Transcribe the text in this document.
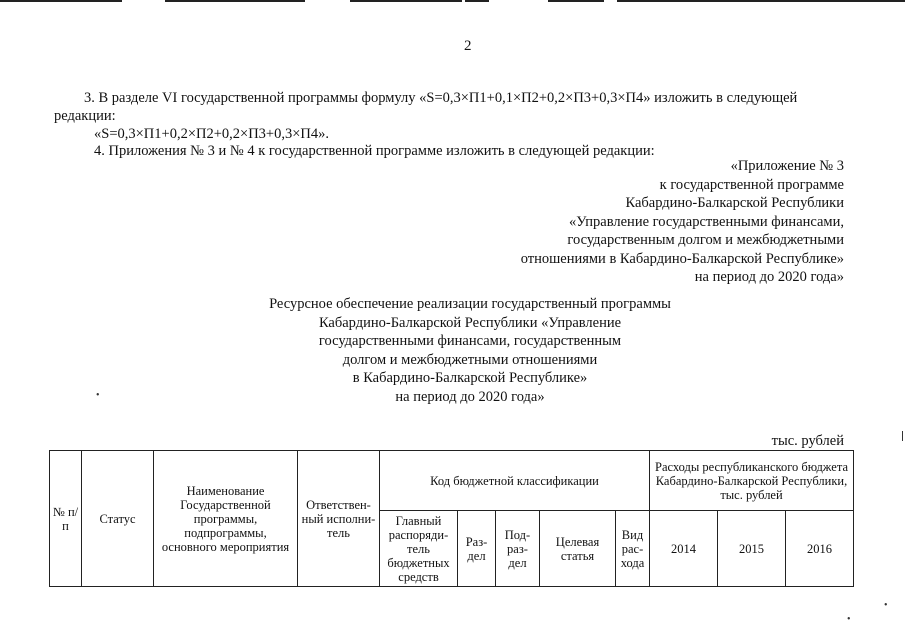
2
3. В разделе VI государственной программы формулу «S=0,3×П1+0,1×П2+0,2×П3+0,3×П4» изложить в следующей
редакции:
«S=0,3×П1+0,2×П2+0,2×П3+0,3×П4».
4. Приложения № 3 и № 4 к государственной программе изложить в следующей редакции:
«Приложение № 3
к государственной программе
Кабардино-Балкарской Республики
«Управление государственными финансами,
государственным долгом и межбюджетными
отношениями в Кабардино-Балкарской Республике»
на период до 2020 года»
Ресурсное обеспечение реализации государственный программы
Кабардино-Балкарской Республики «Управление
государственными финансами, государственным
долгом и межбюджетными отношениями
в Кабардино-Балкарской Республике»
на период до 2020 года»
тыс. рублей
№ п/п	Статус	Наименование Государственной программы, подпрограммы, основного мероприятия	Ответствен-ный исполни-тель	Код бюджетной классификации					Расходы республиканского бюджета Кабардино-Балкарской Республики, тыс. рублей		
				Главный распоряди-тель бюджетных средств	Раз-дел	Под-раз-дел	Целевая статья	Вид рас-хода	2014	2015	2016
•
•
•
